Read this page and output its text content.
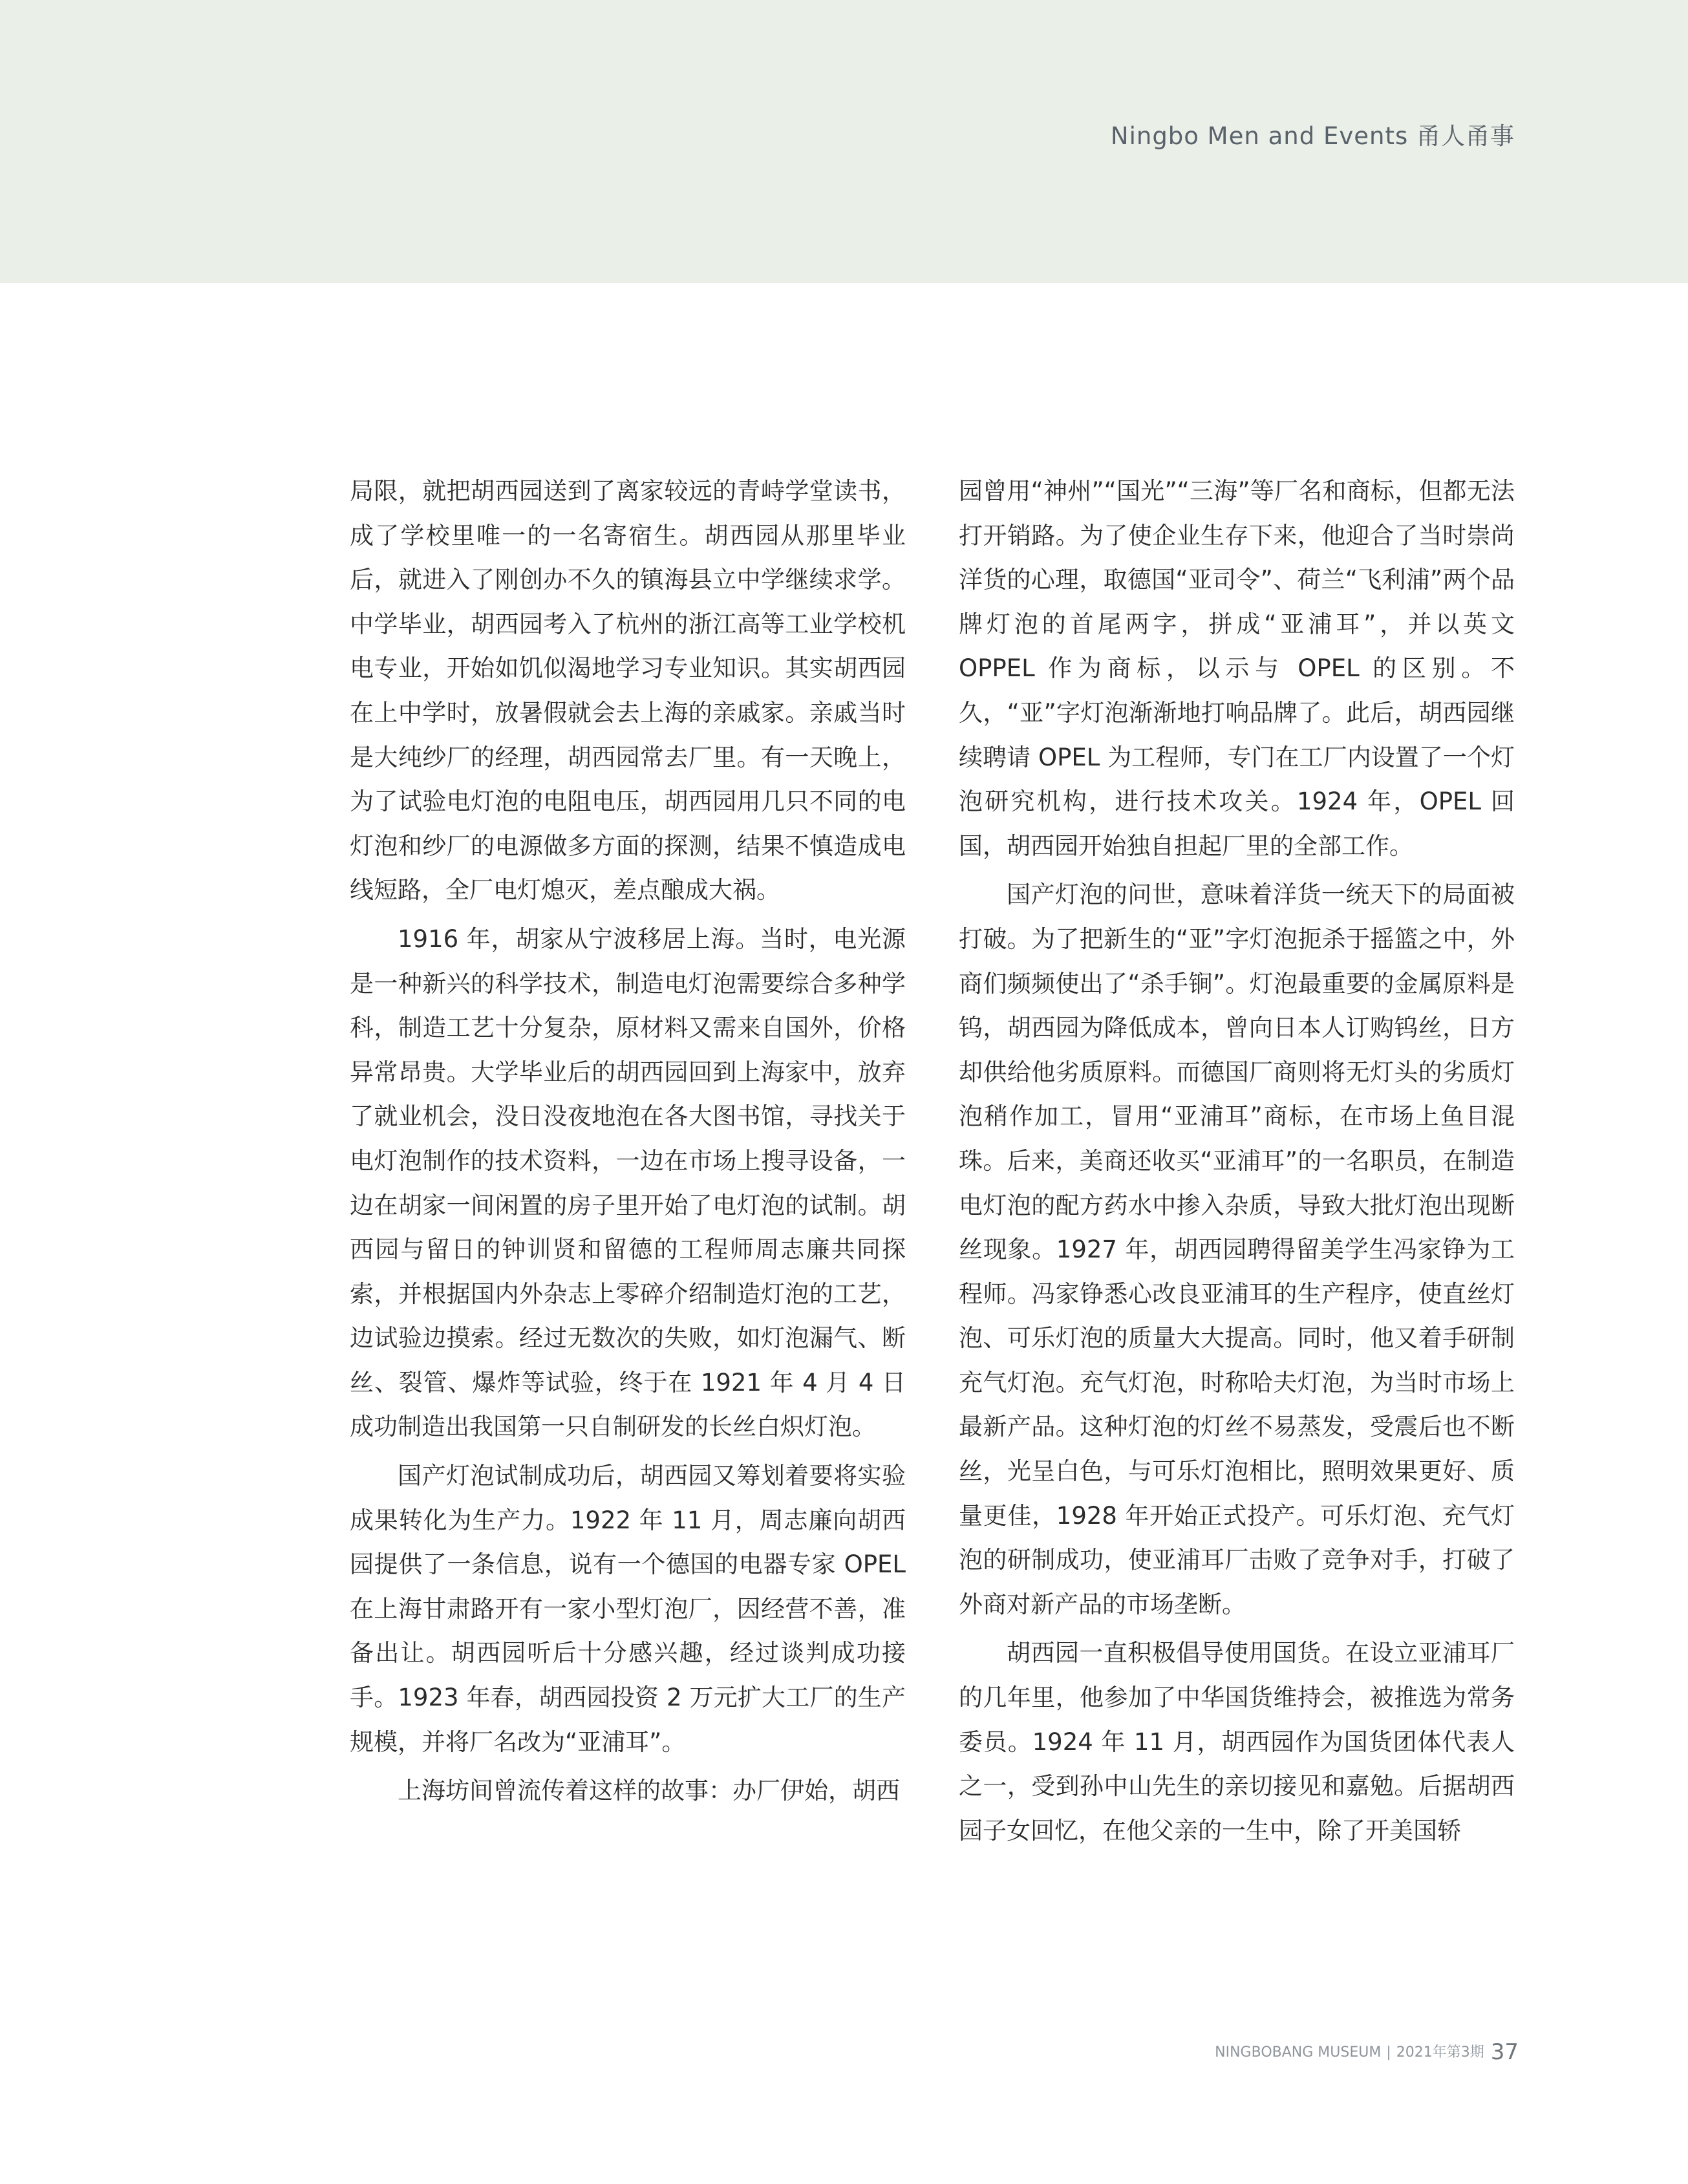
Ningbo Men and Events 甬人甬事

局限，就把胡西园送到了离家较远的青峙学堂读书，成了学校里唯一的一名寄宿生。胡西园从那里毕业后，就进入了刚创办不久的镇海县立中学继续求学。中学毕业，胡西园考入了杭州的浙江高等工业学校机电专业，开始如饥似渴地学习专业知识。其实胡西园在上中学时，放暑假就会去上海的亲戚家。亲戚当时是大纯纱厂的经理，胡西园常去厂里。有一天晚上，为了试验电灯泡的电阻电压，胡西园用几只不同的电灯泡和纱厂的电源做多方面的探测，结果不慎造成电线短路，全厂电灯熄灭，差点酿成大祸。

1916 年，胡家从宁波移居上海。当时，电光源是一种新兴的科学技术，制造电灯泡需要综合多种学科，制造工艺十分复杂，原材料又需来自国外，价格异常昂贵。大学毕业后的胡西园回到上海家中，放弃了就业机会，没日没夜地泡在各大图书馆，寻找关于电灯泡制作的技术资料，一边在市场上搜寻设备，一边在胡家一间闲置的房子里开始了电灯泡的试制。胡西园与留日的钟训贤和留德的工程师周志廉共同探索，并根据国内外杂志上零碎介绍制造灯泡的工艺，边试验边摸索。经过无数次的失败，如灯泡漏气、断丝、裂管、爆炸等试验，终于在 1921 年 4 月 4 日成功制造出我国第一只自制研发的长丝白炽灯泡。

国产灯泡试制成功后，胡西园又筹划着要将实验成果转化为生产力。1922 年 11 月，周志廉向胡西园提供了一条信息，说有一个德国的电器专家 OPEL 在上海甘肃路开有一家小型灯泡厂，因经营不善，准备出让。胡西园听后十分感兴趣，经过谈判成功接手。1923 年春，胡西园投资 2 万元扩大工厂的生产规模，并将厂名改为“亚浦耳”。

上海坊间曾流传着这样的故事：办厂伊始，胡西

园曾用“神州”“国光”“三海”等厂名和商标，但都无法打开销路。为了使企业生存下来，他迎合了当时崇尚洋货的心理，取德国“亚司令”、荷兰“飞利浦”两个品牌灯泡的首尾两字，拼成“亚浦耳”，并以英文 OPPEL 作为商标，以示与 OPEL 的区别。不久，“亚”字灯泡渐渐地打响品牌了。此后，胡西园继续聘请 OPEL 为工程师，专门在工厂内设置了一个灯泡研究机构，进行技术攻关。1924 年，OPEL 回国，胡西园开始独自担起厂里的全部工作。

国产灯泡的问世，意味着洋货一统天下的局面被打破。为了把新生的“亚”字灯泡扼杀于摇篮之中，外商们频频使出了“杀手锏”。灯泡最重要的金属原料是钨，胡西园为降低成本，曾向日本人订购钨丝，日方却供给他劣质原料。而德国厂商则将无灯头的劣质灯泡稍作加工，冒用“亚浦耳”商标，在市场上鱼目混珠。后来，美商还收买“亚浦耳”的一名职员，在制造电灯泡的配方药水中掺入杂质，导致大批灯泡出现断丝现象。1927 年，胡西园聘得留美学生冯家铮为工程师。冯家铮悉心改良亚浦耳的生产程序，使直丝灯泡、可乐灯泡的质量大大提高。同时，他又着手研制充气灯泡。充气灯泡，时称哈夫灯泡，为当时市场上最新产品。这种灯泡的灯丝不易蒸发，受震后也不断丝，光呈白色，与可乐灯泡相比，照明效果更好、质量更佳，1928 年开始正式投产。可乐灯泡、充气灯泡的研制成功，使亚浦耳厂击败了竞争对手，打破了外商对新产品的市场垄断。

胡西园一直积极倡导使用国货。在设立亚浦耳厂的几年里，他参加了中华国货维持会，被推选为常务委员。1924 年 11 月，胡西园作为国货团体代表人之一，受到孙中山先生的亲切接见和嘉勉。后据胡西园子女回忆，在他父亲的一生中，除了开美国轿

NINGBOBANG MUSEUM | 2021年第3期 37
